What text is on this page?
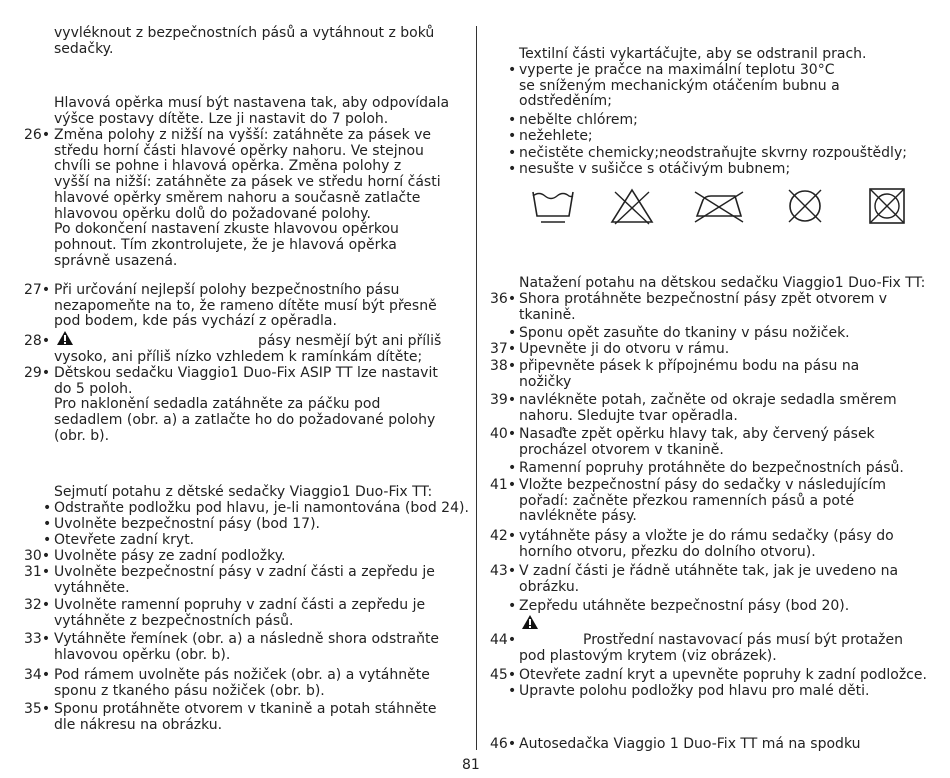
vyvléknout z bezpečnostních pásů a vytáhnout z boků
sedačky.
Hlavová opěrka musí být nastavena tak, aby odpovídala
výšce postavy dítěte. Lze ji nastavit do 7 poloh.
26• Změna polohy z nižší na vyšší: zatáhněte za pásek ve
středu horní části hlavové opěrky nahoru. Ve stejnou
chvíli se pohne i hlavová opěrka. Změna polohy z
vyšší na nižší: zatáhněte za pásek ve středu horní části
hlavové opěrky směrem nahoru a současně zatlačte
hlavovou opěrku dolů do požadované polohy.
Po dokončení nastavení zkuste hlavovou opěrkou
pohnout. Tím zkontrolujete, že je hlavová opěrka
správně usazená.
27• Při určování nejlepší polohy bezpečnostního pásu
nezapomeňte na to, že rameno dítěte musí být přesně
pod bodem, kde pás vychází z opěradla.
28•	pásy nesmějí být ani příliš
vysoko, ani příliš nízko vzhledem k ramínkám dítěte;
29• Dětskou sedačku Viaggio1 Duo-Fix ASIP TT lze nastavit
do 5 poloh.
Pro naklonění sedadla zatáhněte za páčku pod
sedadlem (obr. a) a zatlačte ho do požadované polohy
(obr. b).
Sejmutí potahu z dětské sedačky Viaggio1 Duo-Fix TT:
• Odstraňte podložku pod hlavu, je-li namontována (bod 24).
• Uvolněte bezpečnostní pásy (bod 17).
• Otevřete zadní kryt.
30• Uvolněte pásy ze zadní podložky.
31• Uvolněte bezpečnostní pásy v zadní části a zepředu je
vytáhněte.
32• Uvolněte ramenní popruhy v zadní části a zepředu je
vytáhněte z bezpečnostních pásů.
33• Vytáhněte řemínek (obr. a) a následně shora odstraňte
hlavovou opěrku (obr. b).
34• Pod rámem uvolněte pás nožiček (obr. a) a vytáhněte
sponu z tkaného pásu nožiček (obr. b).
35• Sponu protáhněte otvorem v tkanině a potah stáhněte
dle nákresu na obrázku.
Textilní části vykartáčujte, aby se odstranil prach.
• vyperte je pračce na maximální teplotu 30°C
se sníženým mechanickým otáčením bubnu a
odstředěním;
• nebělte chlórem;
• nežehlete;
• nečistěte chemicky;neodstraňujte skvrny rozpouštědly;
• nesušte v sušičce s otáčivým bubnem;
Natažení potahu na dětskou sedačku Viaggio1 Duo-Fix TT:
36• Shora protáhněte bezpečnostní pásy zpět otvorem v
tkanině.
• Sponu opět zasuňte do tkaniny v pásu nožiček.
37• Upevněte ji do otvoru v rámu.
38• připevněte pásek k přípojnému bodu na pásu na
nožičky
39• navlékněte potah, začněte od okraje sedadla směrem
nahoru. Sledujte tvar opěradla.
40• Nasaďte zpět opěrku hlavy tak, aby červený pásek
procházel otvorem v tkanině.
• Ramenní popruhy protáhněte do bezpečnostních pásů.
41• Vložte bezpečnostní pásy do sedačky v následujícím
pořadí: začněte přezkou ramenních pásů a poté
navlékněte pásy.
42• vytáhněte pásy a vložte je do rámu sedačky (pásy do
horního otvoru, přezku do dolního otvoru).
43• V zadní části je řádně utáhněte tak, jak je uvedeno na
obrázku.
• Zepředu utáhněte bezpečnostní pásy (bod 20).
44•	Prostřední nastavovací pás musí být protažen
pod plastovým krytem (viz obrázek).
45• Otevřete zadní kryt a upevněte popruhy k zadní podložce.
• Upravte polohu podložky pod hlavu pro malé děti.
46• Autosedačka Viaggio 1 Duo-Fix TT má na spodku
81
